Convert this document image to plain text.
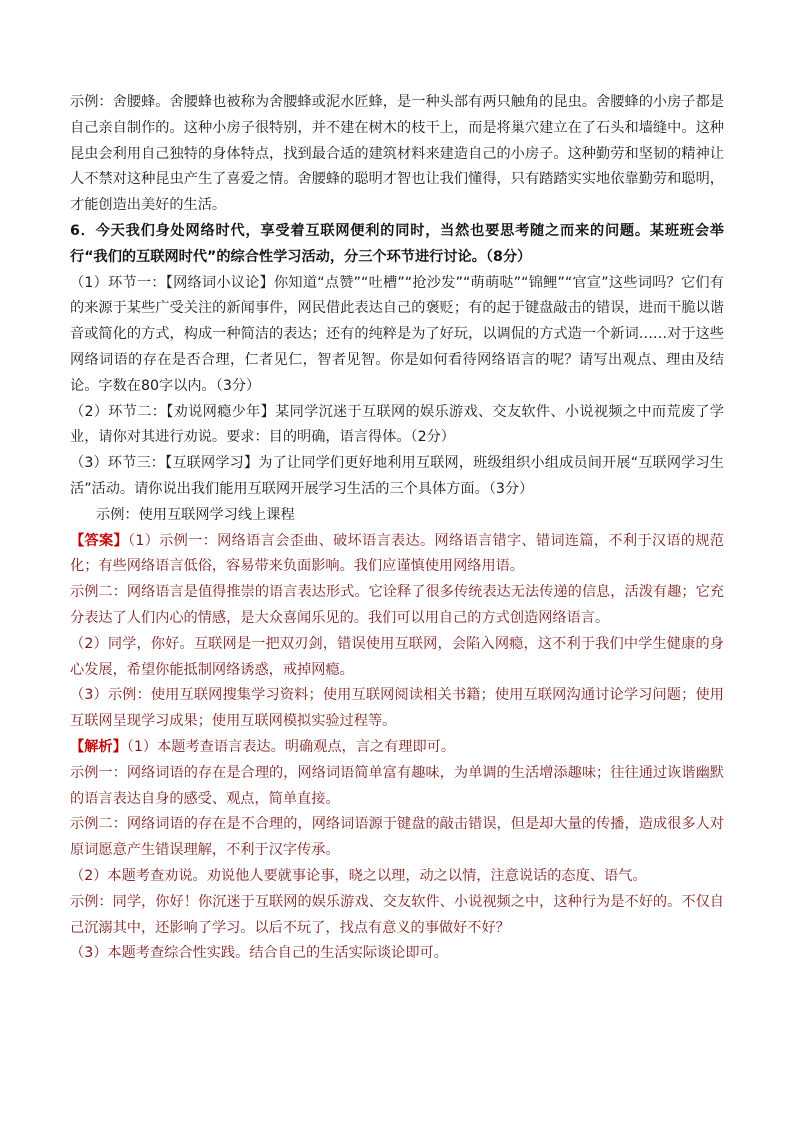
示例：舍腰蜂。舍腰蜂也被称为舍腰蜂或泥水匠蜂，是一种头部有两只触角的昆虫。舍腰蜂的小房子都是自己亲自制作的。这种小房子很特别，并不建在树木的枝干上，而是将巢穴建立在了石头和墙缝中。这种昆虫会利用自己独特的身体特点，找到最合适的建筑材料来建造自己的小房子。这种勤劳和坚韧的精神让人不禁对这种昆虫产生了喜爱之情。舍腰蜂的聪明才智也让我们懂得，只有踏踏实实地依靠勤劳和聪明，才能创造出美好的生活。

6．今天我们身处网络时代，享受着互联网便利的同时，当然也要思考随之而来的问题。某班班会举行“我们的互联网时代”的综合性学习活动，分三个环节进行讨论。（8分）

（1）环节一：【网络词小议论】你知道“点赞”“吐槽”“抢沙发”“萌萌哒”“锦鲤”“官宣”这些词吗？它们有的来源于某些广受关注的新闻事件，网民借此表达自己的褒贬；有的起于键盘敲击的错误，进而干脆以谐音或简化的方式，构成一种简洁的表达；还有的纯粹是为了好玩，以调侃的方式造一个新词……对于这些网络词语的存在是否合理，仁者见仁，智者见智。你是如何看待网络语言的呢？请写出观点、理由及结论。字数在80字以内。（3分）

（2）环节二：【劝说网瘾少年】某同学沉迷于互联网的娱乐游戏、交友软件、小说视频之中而荒废了学业，请你对其进行劝说。要求：目的明确，语言得体。（2分）

（3）环节三：【互联网学习】为了让同学们更好地利用互联网，班级组织小组成员间开展“互联网学习生活”活动。请你说出我们能用互联网开展学习生活的三个具体方面。（3分）

示例：使用互联网学习线上课程

【答案】（1）示例一：网络语言会歪曲、破坏语言表达。网络语言错字、错词连篇，不利于汉语的规范化；有些网络语言低俗，容易带来负面影响。我们应谨慎使用网络用语。

示例二：网络语言是值得推崇的语言表达形式。它诠释了很多传统表达无法传递的信息，活泼有趣；它充分表达了人们内心的情感，是大众喜闻乐见的。我们可以用自己的方式创造网络语言。

（2）同学，你好。互联网是一把双刃剑，错误使用互联网，会陷入网瘾，这不利于我们中学生健康的身心发展，希望你能抵制网络诱惑，戒掉网瘾。

（3）示例：使用互联网搜集学习资料；使用互联网阅读相关书籍；使用互联网沟通讨论学习问题；使用互联网呈现学习成果；使用互联网模拟实验过程等。

【解析】（1）本题考查语言表达。明确观点，言之有理即可。

示例一：网络词语的存在是合理的，网络词语简单富有趣味，为单调的生活增添趣味；往往通过诙谐幽默的语言表达自身的感受、观点，简单直接。

示例二：网络词语的存在是不合理的，网络词语源于键盘的敲击错误，但是却大量的传播，造成很多人对原词愿意产生错误理解，不利于汉字传承。

（2）本题考查劝说。劝说他人要就事论事，晓之以理，动之以情，注意说话的态度、语气。

示例：同学，你好！你沉迷于互联网的娱乐游戏、交友软件、小说视频之中，这种行为是不好的。不仅自己沉溺其中，还影响了学习。以后不玩了，找点有意义的事做好不好？

（3）本题考查综合性实践。结合自己的生活实际谈论即可。
